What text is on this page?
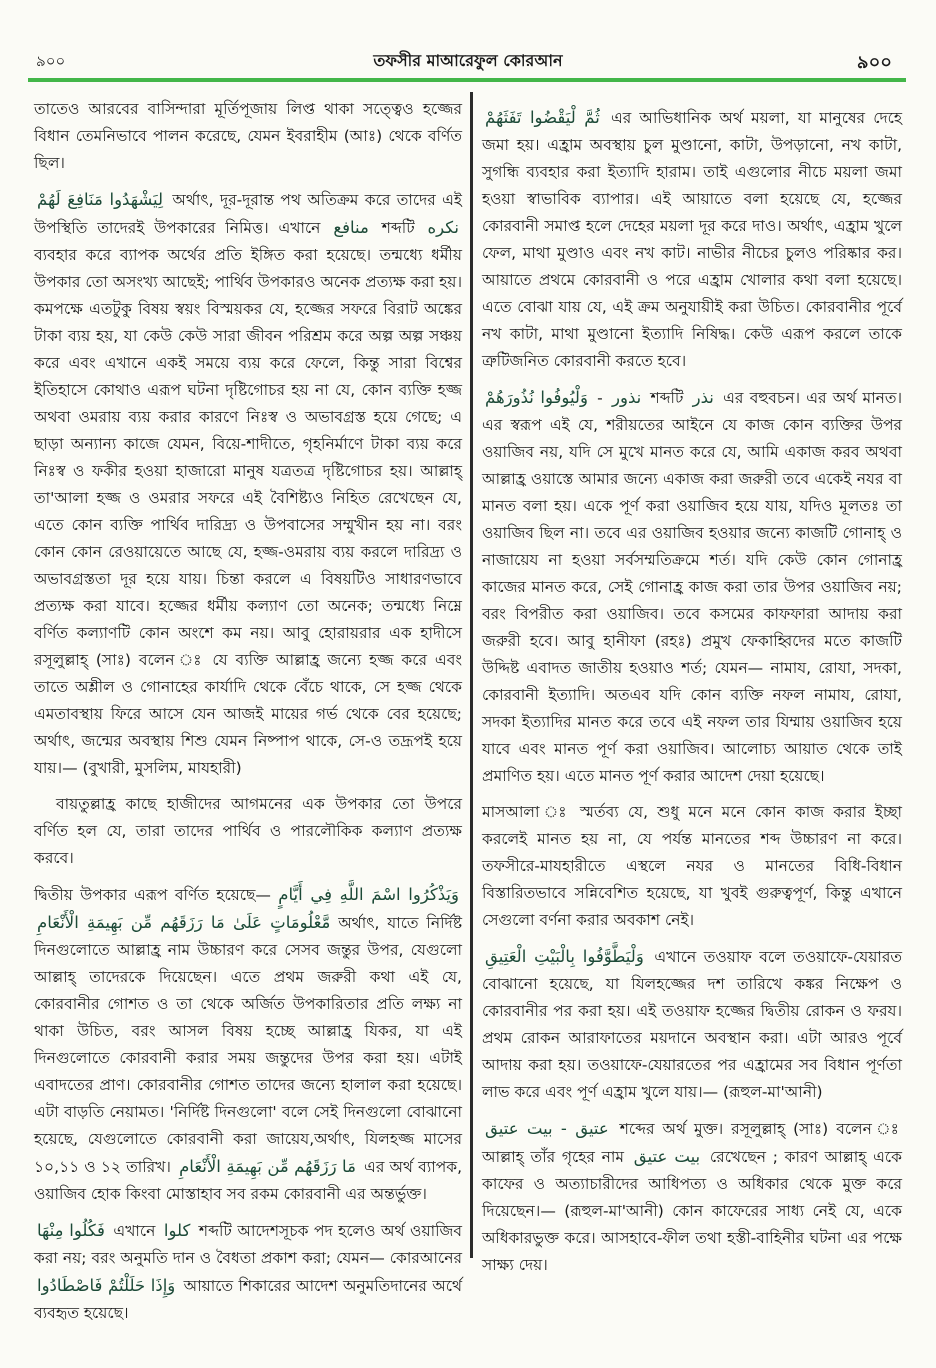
৯০০	তফসীর মাআরেফুল কোরআন	৯০০

তাতেও আরবের বাসিন্দারা মূর্তিপূজায় লিপ্ত থাকা সত্ত্বেও হজ্জের বিধান তেমনিভাবে পালন করেছে, যেমন ইবরাহীম (আঃ) থেকে বর্ণিত ছিল।

لِيَشْهَدُوا مَنَافِعَ لَهُمْ অর্থাৎ, দূর-দূরান্ত পথ অতিক্রম করে তাদের এই উপস্থিতি তাদেরই উপকারের নিমিত্ত। এখানে منافع শব্দটি نكره ব্যবহার করে ব্যাপক অর্থের প্রতি ইঙ্গিত করা হয়েছে। তন্মধ্যে ধর্মীয় উপকার তো অসংখ্য আছেই; পার্থিব উপকারও অনেক প্রত্যক্ষ করা হয়। কমপক্ষে এতটুকু বিষয় স্বয়ং বিস্ময়কর যে, হজ্জের সফরে বিরাট অঙ্কের টাকা ব্যয় হয়, যা কেউ কেউ সারা জীবন পরিশ্রম করে অল্প অল্প সঞ্চয় করে এবং এখানে একই সময়ে ব্যয় করে ফেলে, কিন্তু সারা বিশ্বের ইতিহাসে কোথাও এরূপ ঘটনা দৃষ্টিগোচর হয় না যে, কোন ব্যক্তি হজ্জ অথবা ওমরায় ব্যয় করার কারণে নিঃস্ব ও অভাবগ্রস্ত হয়ে গেছে; এ ছাড়া অন্যান্য কাজে যেমন, বিয়ে-শাদীতে, গৃহনির্মাণে টাকা ব্যয় করে নিঃস্ব ও ফকীর হওয়া হাজারো মানুষ যত্রতত্র দৃষ্টিগোচর হয়। আল্লাহ্ তা'আলা হজ্জ ও ওমরার সফরে এই বৈশিষ্ট্যও নিহিত রেখেছেন যে, এতে কোন ব্যক্তি পার্থিব দারিদ্র্য ও উপবাসের সম্মুখীন হয় না। বরং কোন কোন রেওয়ায়েতে আছে যে, হজ্জ-ওমরায় ব্যয় করলে দারিদ্র্য ও অভাবগ্রস্ততা দূর হয়ে যায়। চিন্তা করলে এ বিষয়টিও সাধারণভাবে প্রত্যক্ষ করা যাবে। হজ্জের ধর্মীয় কল্যাণ তো অনেক; তন্মধ্যে নিম্নে বর্ণিত কল্যাণটি কোন অংশে কম নয়। আবু হোরায়রার এক হাদীসে রসূলুল্লাহ্ (সাঃ) বলেন ঃ যে ব্যক্তি আল্লাহ্র জন্যে হজ্জ করে এবং তাতে অশ্লীল ও গোনাহের কার্যাদি থেকে বেঁচে থাকে, সে হজ্জ থেকে এমতাবস্থায় ফিরে আসে যেন আজই মায়ের গর্ভ থেকে বের হয়েছে; অর্থাৎ, জন্মের অবস্থায় শিশু যেমন নিষ্পাপ থাকে, সে-ও তদ্রূপই হয়ে যায়।— (বুখারী, মুসলিম, মাযহারী)

বায়তুল্লাহ্র কাছে হাজীদের আগমনের এক উপকার তো উপরে বর্ণিত হল যে, তারা তাদের পার্থিব ও পারলৌকিক কল্যাণ প্রত্যক্ষ করবে।

দ্বিতীয় উপকার এরূপ বর্ণিত হয়েছে— وَيَذْكُرُوا اسْمَ اللَّهِ فِي أَيَّامٍ مَّعْلُومَاتٍ عَلَىٰ مَا رَزَقَهُم مِّن بَهِيمَةِ الْأَنْعَامِ অর্থাৎ, যাতে নির্দিষ্ট দিনগুলোতে আল্লাহ্র নাম উচ্চারণ করে সেসব জন্তুর উপর, যেগুলো আল্লাহ্ তাদেরকে দিয়েছেন। এতে প্রথম জরুরী কথা এই যে, কোরবানীর গোশত ও তা থেকে অর্জিত উপকারিতার প্রতি লক্ষ্য না থাকা উচিত, বরং আসল বিষয় হচ্ছে আল্লাহ্র যিকর, যা এই দিনগুলোতে কোরবানী করার সময় জন্তুদের উপর করা হয়। এটাই এবাদতের প্রাণ। কোরবানীর গোশত তাদের জন্যে হালাল করা হয়েছে। এটা বাড়তি নেয়ামত। 'নির্দিষ্ট দিনগুলো' বলে সেই দিনগুলো বোঝানো হয়েছে, যেগুলোতে কোরবানী করা জায়েয,অর্থাৎ, যিলহজ্জ মাসের ১০,১১ ও ১২ তারিখ। مَا رَزَقَهُم مِّن بَهِيمَةِ الْأَنْعَامِ এর অর্থ ব্যাপক, ওয়াজিব হোক কিংবা মোস্তাহাব সব রকম কোরবানী এর অন্তর্ভুক্ত।

فَكُلُوا مِنْهَا এখানে كلوا শব্দটি আদেশসূচক পদ হলেও অর্থ ওয়াজিব করা নয়; বরং অনুমতি দান ও বৈধতা প্রকাশ করা; যেমন— কোরআনের وَإِذَا حَلَلْتُمْ فَاصْطَادُوا আয়াতে শিকারের আদেশ অনুমতিদানের অর্থে ব্যবহৃত হয়েছে।

ثُمَّ لْيَقْضُوا تَفَثَهُمْ এর আভিধানিক অর্থ ময়লা, যা মানুষের দেহে জমা হয়। এহ্রাম অবস্থায় চুল মুণ্ডানো, কাটা, উপড়ানো, নখ কাটা, সুগন্ধি ব্যবহার করা ইত্যাদি হারাম। তাই এগুলোর নীচে ময়লা জমা হওয়া স্বাভাবিক ব্যাপার। এই আয়াতে বলা হয়েছে যে, হজ্জের কোরবানী সমাপ্ত হলে দেহের ময়লা দূর করে দাও। অর্থাৎ, এহ্রাম খুলে ফেল, মাথা মুণ্ডাও এবং নখ কাট। নাভীর নীচের চুলও পরিষ্কার কর। আয়াতে প্রথমে কোরবানী ও পরে এহ্রাম খোলার কথা বলা হয়েছে। এতে বোঝা যায় যে, এই ক্রম অনুযায়ীই করা উচিত। কোরবানীর পূর্বে নখ কাটা, মাথা মুণ্ডানো ইত্যাদি নিষিদ্ধ। কেউ এরূপ করলে তাকে ত্রুটিজনিত কোরবানী করতে হবে।

وَلْيُوفُوا نُذُورَهُمْ - نذور শব্দটি نذر এর বহুবচন। এর অর্থ মানত। এর স্বরূপ এই যে, শরীয়তের আইনে যে কাজ কোন ব্যক্তির উপর ওয়াজিব নয়, যদি সে মুখে মানত করে যে, আমি একাজ করব অথবা আল্লাহ্র ওয়াস্তে আমার জন্যে একাজ করা জরুরী তবে একেই নযর বা মানত বলা হয়। একে পূর্ণ করা ওয়াজিব হয়ে যায়, যদিও মূলতঃ তা ওয়াজিব ছিল না। তবে এর ওয়াজিব হওয়ার জন্যে কাজটি গোনাহ্ ও নাজায়েয না হওয়া সর্বসম্মতিক্রমে শর্ত। যদি কেউ কোন গোনাহ্র কাজের মানত করে, সেই গোনাহ্র কাজ করা তার উপর ওয়াজিব নয়; বরং বিপরীত করা ওয়াজিব। তবে কসমের কাফফারা আদায় করা জরুরী হবে। আবু হানীফা (রহঃ) প্রমুখ ফেকাহ্বিদের মতে কাজটি উদ্দিষ্ট এবাদত জাতীয় হওয়াও শর্ত; যেমন— নামায, রোযা, সদকা, কোরবানী ইত্যাদি। অতএব যদি কোন ব্যক্তি নফল নামায, রোযা, সদকা ইত্যাদির মানত করে তবে এই নফল তার যিম্মায় ওয়াজিব হয়ে যাবে এবং মানত পূর্ণ করা ওয়াজিব। আলোচ্য আয়াত থেকে তাই প্রমাণিত হয়। এতে মানত পূর্ণ করার আদেশ দেয়া হয়েছে।

মাসআলা ঃ স্মর্তব্য যে, শুধু মনে মনে কোন কাজ করার ইচ্ছা করলেই মানত হয় না, যে পর্যন্ত মানতের শব্দ উচ্চারণ না করে। তফসীরে-মাযহারীতে এস্থলে নযর ও মানতের বিধি-বিধান বিস্তারিতভাবে সন্নিবেশিত হয়েছে, যা খুবই গুরুত্বপূর্ণ, কিন্তু এখানে সেগুলো বর্ণনা করার অবকাশ নেই।

وَلْيَطَّوَّفُوا بِالْبَيْتِ الْعَتِيقِ এখানে তওয়াফ বলে তওয়াফে-যেয়ারত বোঝানো হয়েছে, যা যিলহজ্জের দশ তারিখে কঙ্কর নিক্ষেপ ও কোরবানীর পর করা হয়। এই তওয়াফ হজ্জের দ্বিতীয় রোকন ও ফরয। প্রথম রোকন আরাফাতের ময়দানে অবস্থান করা। এটা আরও পূর্বে আদায় করা হয়। তওয়াফে-যেয়ারতের পর এহ্রামের সব বিধান পূর্ণতা লাভ করে এবং পূর্ণ এহ্রাম খুলে যায়।— (রূহুল-মা'আনী)

عتيق - بيت عتيق শব্দের অর্থ মুক্ত। রসূলুল্লাহ্ (সাঃ) বলেন ঃ আল্লাহ্ তাঁর গৃহের নাম بيت عتيق রেখেছেন ; কারণ আল্লাহ্ একে কাফের ও অত্যাচারীদের আধিপত্য ও অধিকার থেকে মুক্ত করে দিয়েছেন।— (রূহুল-মা'আনী) কোন কাফেরের সাধ্য নেই যে, একে অধিকারভুক্ত করে। আসহাবে-ফীল তথা হস্তী-বাহিনীর ঘটনা এর পক্ষে সাক্ষ্য দেয়।
